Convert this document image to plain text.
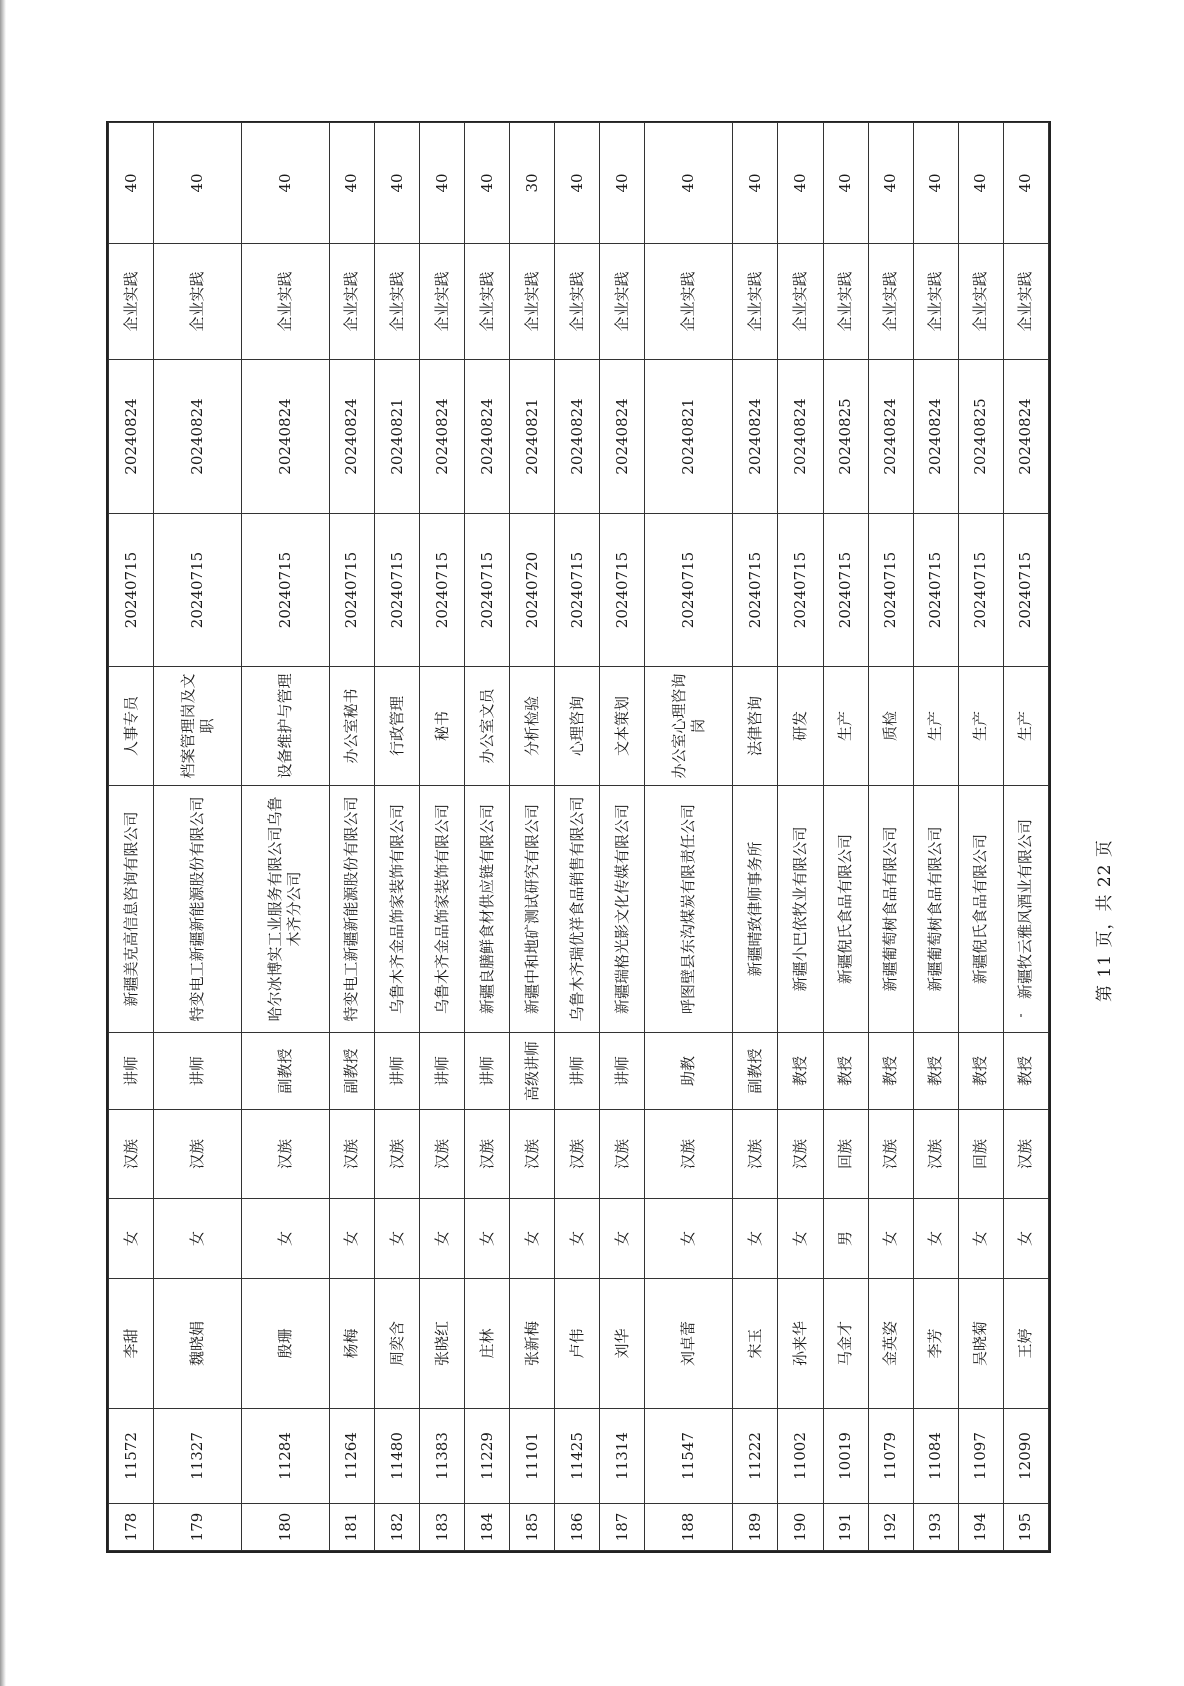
178	11572	李甜	女	汉族	讲师	新疆美克高信息咨询有限公司	人事专员	20240715	20240824	企业实践	40
179	11327	魏晓娟	女	汉族	讲师	特变电工新疆新能源股份有限公司	档案管理岗及文职	20240715	20240824	企业实践	40
180	11284	殷珊	女	汉族	副教授	哈尔冰博实工业服务有限公司乌鲁木齐分公司	设备维护与管理	20240715	20240824	企业实践	40
181	11264	杨梅	女	汉族	副教授	特变电工新疆新能源股份有限公司	办公室秘书	20240715	20240824	企业实践	40
182	11480	周奕含	女	汉族	讲师	乌鲁木齐金品饰家装饰有限公司	行政管理	20240715	20240821	企业实践	40
183	11383	张晓红	女	汉族	讲师	乌鲁木齐金品饰家装饰有限公司	秘书	20240715	20240824	企业实践	40
184	11229	庄林	女	汉族	讲师	新疆良膳鲜食材供应链有限公司	办公室文员	20240715	20240824	企业实践	40
185	11101	张新梅	女	汉族	高级讲师	新疆中和地矿测试研究有限公司	分析检验	20240720	20240821	企业实践	30
186	11425	卢伟	女	汉族	讲师	乌鲁木齐瑞优祥食品销售有限公司	心理咨询	20240715	20240824	企业实践	40
187	11314	刘华	女	汉族	讲师	新疆瑞格光影文化传媒有限公司	文本策划	20240715	20240824	企业实践	40
188	11547	刘卓蕾	女	汉族	助教	呼图壁县东沟煤炭有限责任公司	办公室心理咨询岗	20240715	20240821	企业实践	40
189	11222	宋玉	女	汉族	副教授	新疆晴致律师事务所	法律咨询	20240715	20240824	企业实践	40
190	11002	孙来华	女	汉族	教授	新疆小巴依牧业有限公司	研发	20240715	20240824	企业实践	40
191	10019	马金才	男	回族	教授	新疆倪氏食品有限公司	生产	20240715	20240825	企业实践	40
192	11079	金英姿	女	汉族	教授	新疆葡萄树食品有限公司	质检	20240715	20240824	企业实践	40
193	11084	李芳	女	汉族	教授	新疆葡萄树食品有限公司	生产	20240715	20240824	企业实践	40
194	11097	吴晓菊	女	回族	教授	新疆倪氏食品有限公司	生产	20240715	20240825	企业实践	40
195	12090	王婷	女	汉族	教授	新疆牧云雅风酒业有限公司	生产	20240715	20240824	企业实践	40
第 11 页，共 22 页
